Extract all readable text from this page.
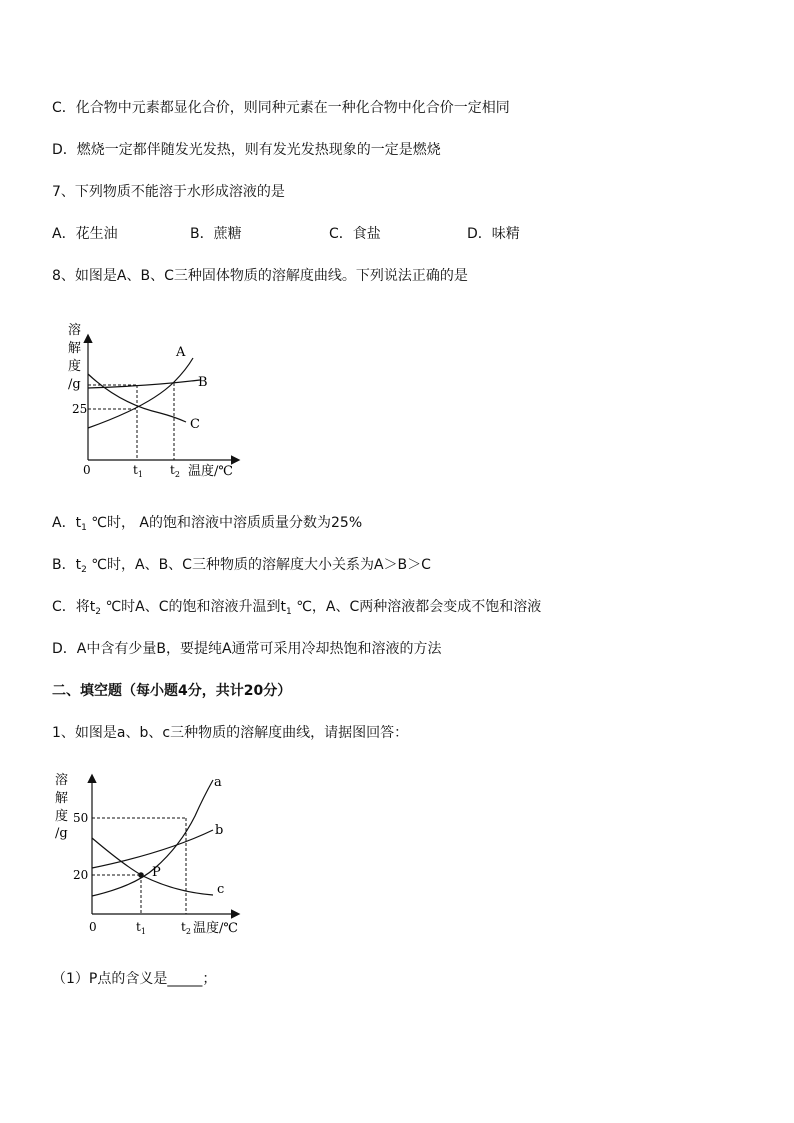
C．化合物中元素都显化合价，则同种元素在一种化合物中化合价一定相同
D．燃烧一定都伴随发光发热，则有发光发热现象的一定是燃烧
7、下列物质不能溶于水形成溶液的是
A．花生油	B．蔗糖	C．食盐	D．味精
8、如图是A、B、C三种固体物质的溶解度曲线。下列说法正确的是
溶
解
度
/g
25
A
B
C
0	$t_1$ $t_2$ 温度/℃
A．$t_1$ ℃时， A的饱和溶液中溶质质量分数为25%
B．$t_2$ ℃时，A、B、C三种物质的溶解度大小关系为A＞B＞C
C．将$t_2$ ℃时A、C的饱和溶液升温到$t_1$ ℃，A、C两种溶液都会变成不饱和溶液
D．A中含有少量B，要提纯A通常可采用冷却热饱和溶液的方法
二、填空题（每小题4分，共计20分）
1、如图是a、b、c三种物质的溶解度曲线，请据图回答：
溶
解
度
/g
50
20	P
a
b
c
0	$t_1$	$t_2$ 温度/℃
（1）P点的含义是_____；
